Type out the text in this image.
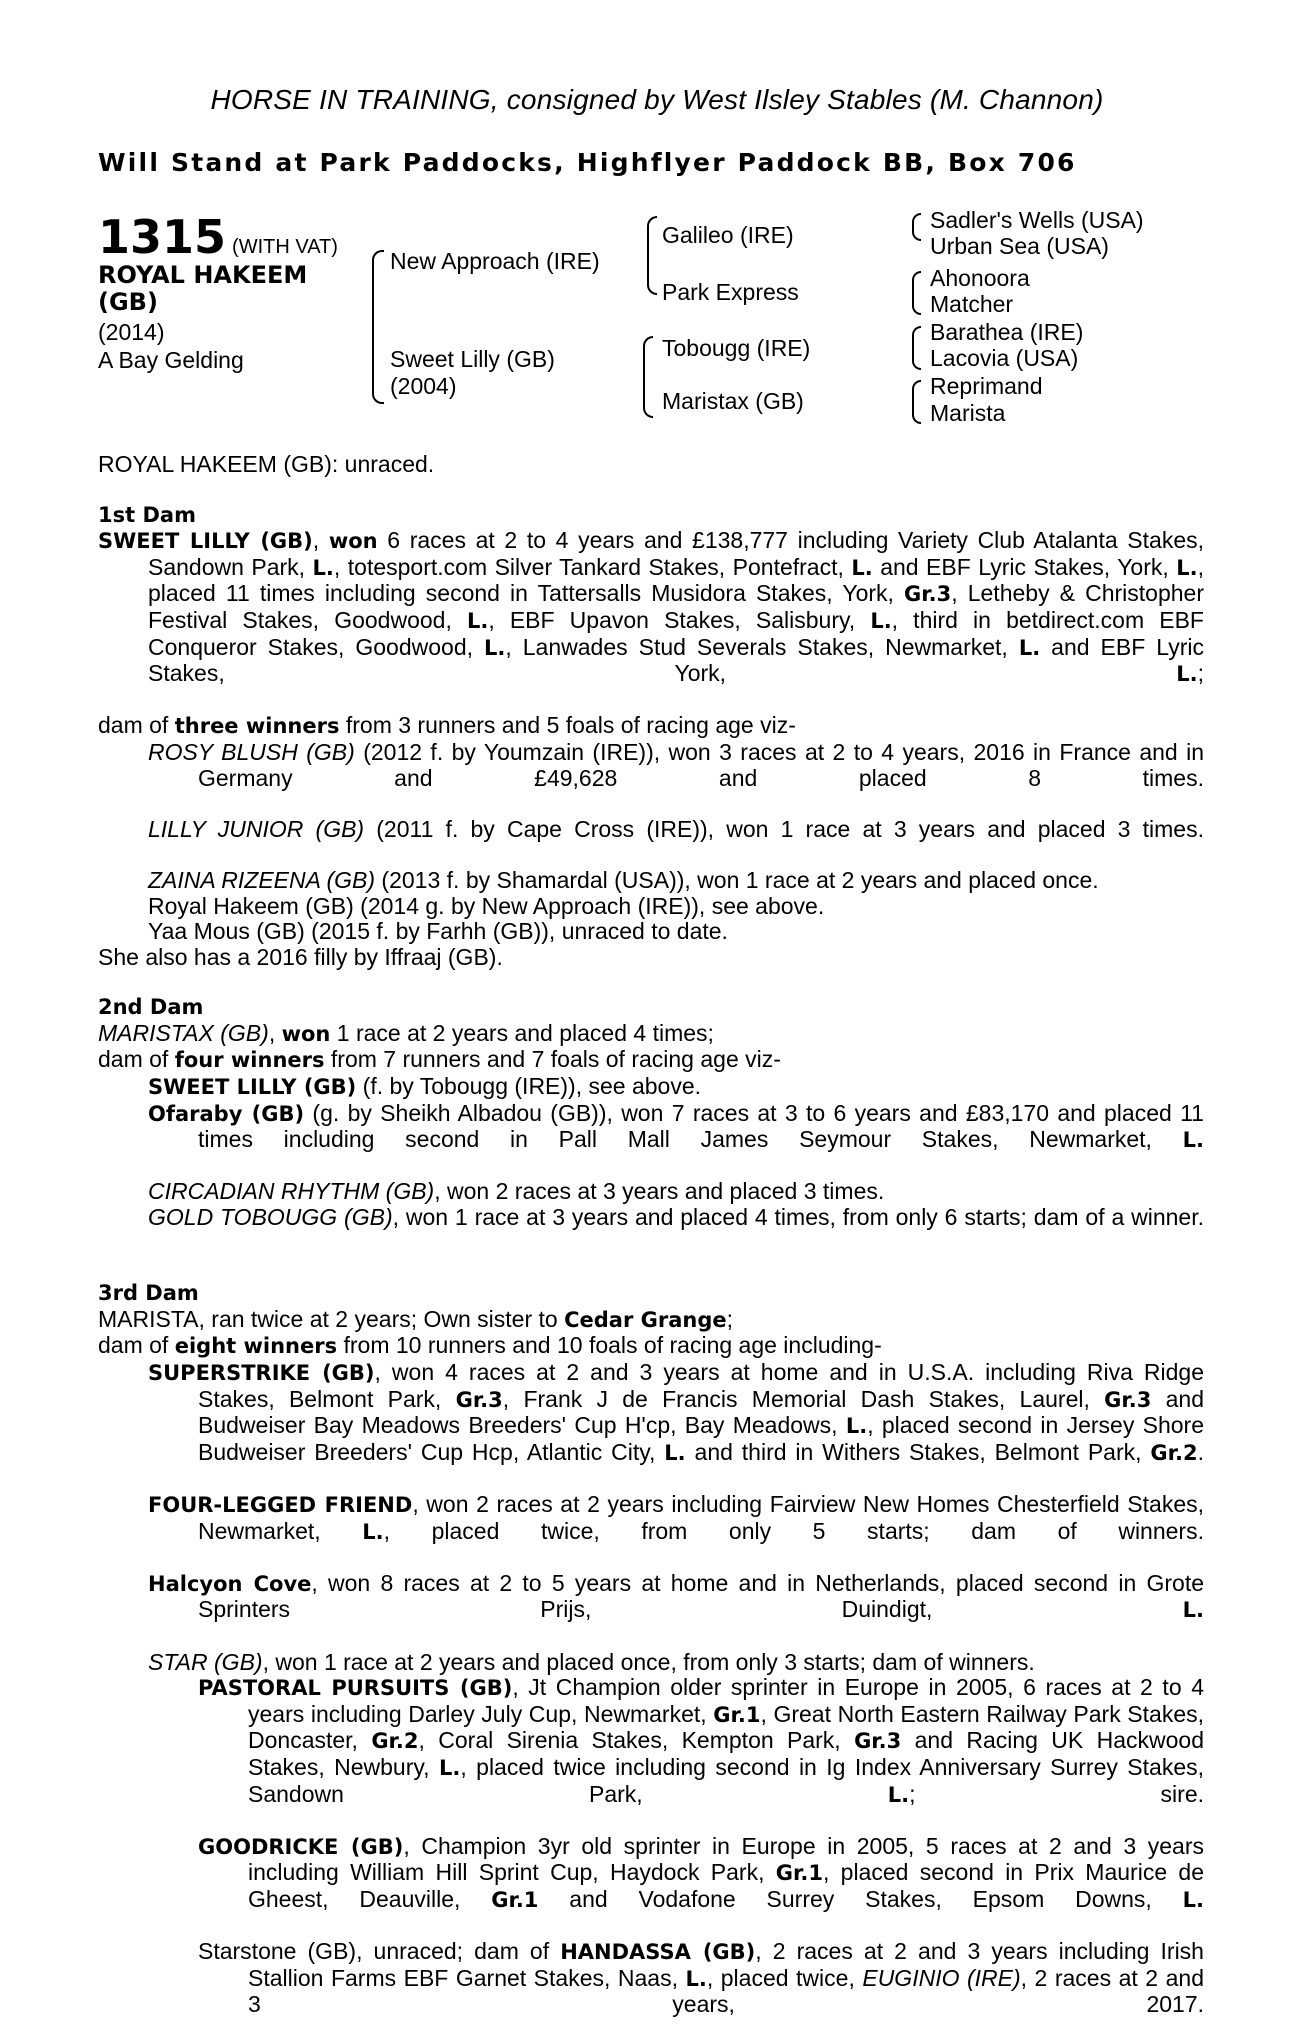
HORSE IN TRAINING, consigned by West Ilsley Stables (M. Channon)
Will Stand at Park Paddocks, Highflyer Paddock BB, Box 706
1315 (WITH VAT)
ROYAL HAKEEM
(GB)
(2014)
A Bay Gelding
New Approach (IRE)
Sweet Lilly (GB)
(2004)
Galileo (IRE)
Park Express
Tobougg (IRE)
Maristax (GB)
Sadler's Wells (USA)
Urban Sea (USA)
Ahonoora
Matcher
Barathea (IRE)
Lacovia (USA)
Reprimand
Marista

ROYAL HAKEEM (GB): unraced.

1st Dam

SWEET LILLY (GB), won 6 races at 2 to 4 years and £138,777 including Variety Club Atalanta Stakes, Sandown Park, L., totesport.com Silver Tankard Stakes, Pontefract, L. and EBF Lyric Stakes, York, L., placed 11 times including second in Tattersalls Musidora Stakes, York, Gr.3, Letheby & Christopher Festival Stakes, Goodwood, L., EBF Upavon Stakes, Salisbury, L., third in betdirect.com EBF Conqueror Stakes, Goodwood, L., Lanwades Stud Severals Stakes, Newmarket, L. and EBF Lyric Stakes, York, L.;

dam of three winners from 3 runners and 5 foals of racing age viz-

ROSY BLUSH (GB) (2012 f. by Youmzain (IRE)), won 3 races at 2 to 4 years, 2016 in France and in Germany and £49,628 and placed 8 times.

LILLY JUNIOR (GB) (2011 f. by Cape Cross (IRE)), won 1 race at 3 years and placed 3 times.

ZAINA RIZEENA (GB) (2013 f. by Shamardal (USA)), won 1 race at 2 years and placed once.

Royal Hakeem (GB) (2014 g. by New Approach (IRE)), see above.

Yaa Mous (GB) (2015 f. by Farhh (GB)), unraced to date.

She also has a 2016 filly by Iffraaj (GB).

2nd Dam

MARISTAX (GB), won 1 race at 2 years and placed 4 times;

dam of four winners from 7 runners and 7 foals of racing age viz-

SWEET LILLY (GB) (f. by Tobougg (IRE)), see above.

Ofaraby (GB) (g. by Sheikh Albadou (GB)), won 7 races at 3 to 6 years and £83,170 and placed 11 times including second in Pall Mall James Seymour Stakes, Newmarket, L.

CIRCADIAN RHYTHM (GB), won 2 races at 3 years and placed 3 times.

GOLD TOBOUGG (GB), won 1 race at 3 years and placed 4 times, from only 6 starts; dam of a winner.

3rd Dam

MARISTA, ran twice at 2 years; Own sister to Cedar Grange;

dam of eight winners from 10 runners and 10 foals of racing age including-

SUPERSTRIKE (GB), won 4 races at 2 and 3 years at home and in U.S.A. including Riva Ridge Stakes, Belmont Park, Gr.3, Frank J de Francis Memorial Dash Stakes, Laurel, Gr.3 and Budweiser Bay Meadows Breeders' Cup H'cp, Bay Meadows, L., placed second in Jersey Shore Budweiser Breeders' Cup Hcp, Atlantic City, L. and third in Withers Stakes, Belmont Park, Gr.2.

FOUR-LEGGED FRIEND, won 2 races at 2 years including Fairview New Homes Chesterfield Stakes, Newmarket, L., placed twice, from only 5 starts; dam of winners.

Halcyon Cove, won 8 races at 2 to 5 years at home and in Netherlands, placed second in Grote Sprinters Prijs, Duindigt, L.

STAR (GB), won 1 race at 2 years and placed once, from only 3 starts; dam of winners.

PASTORAL PURSUITS (GB), Jt Champion older sprinter in Europe in 2005, 6 races at 2 to 4 years including Darley July Cup, Newmarket, Gr.1, Great North Eastern Railway Park Stakes, Doncaster, Gr.2, Coral Sirenia Stakes, Kempton Park, Gr.3 and Racing UK Hackwood Stakes, Newbury, L., placed twice including second in Ig Index Anniversary Surrey Stakes, Sandown Park, L.; sire.

GOODRICKE (GB), Champion 3yr old sprinter in Europe in 2005, 5 races at 2 and 3 years including William Hill Sprint Cup, Haydock Park, Gr.1, placed second in Prix Maurice de Gheest, Deauville, Gr.1 and Vodafone Surrey Stakes, Epsom Downs, L.

Starstone (GB), unraced; dam of HANDASSA (GB), 2 races at 2 and 3 years including Irish Stallion Farms EBF Garnet Stakes, Naas, L., placed twice, EUGINIO (IRE), 2 races at 2 and 3 years, 2017.
